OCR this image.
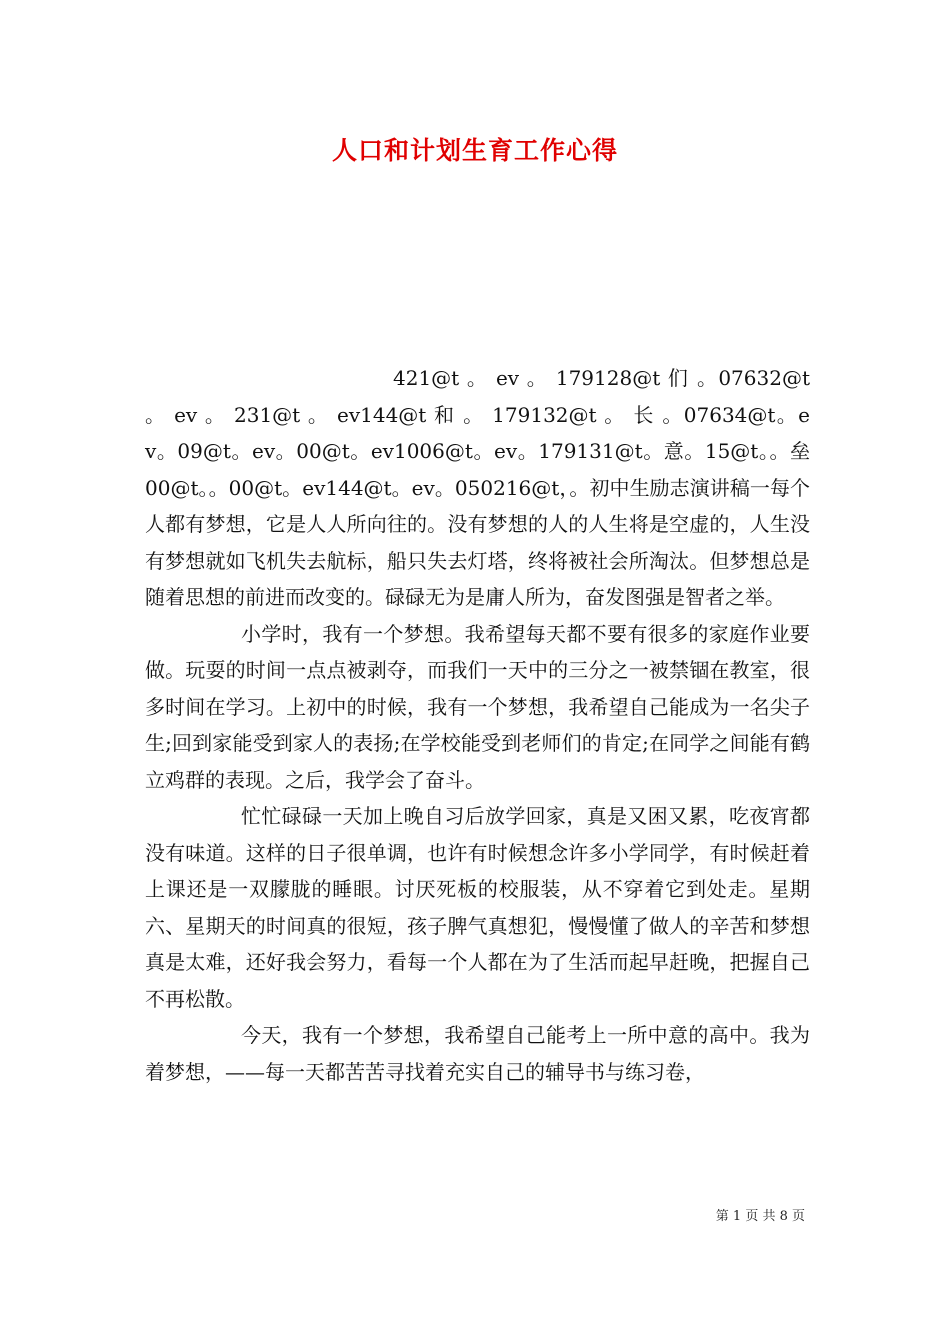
人口和计划生育工作心得

421@t 。 ev 。 179128@t 们 。07632@t 。 ev 。 231@t 。 ev144@t 和 。 179132@t 。 长 。07634@t。ev。09@t。ev。00@t。ev1006@t。ev。179131@t。意。15@t。。垒00@t。。00@t。ev144@t。ev。050216@t，。初中生励志演讲稿一每个人都有梦想，它是人人所向往的。没有梦想的人的人生将是空虚的，人生没有梦想就如飞机失去航标，船只失去灯塔，终将被社会所淘汰。但梦想总是随着思想的前进而改变的。碌碌无为是庸人所为，奋发图强是智者之举。

小学时，我有一个梦想。我希望每天都不要有很多的家庭作业要做。玩耍的时间一点点被剥夺，而我们一天中的三分之一被禁锢在教室，很多时间在学习。上初中的时候，我有一个梦想，我希望自己能成为一名尖子生;回到家能受到家人的表扬;在学校能受到老师们的肯定;在同学之间能有鹤立鸡群的表现。之后，我学会了奋斗。

忙忙碌碌一天加上晚自习后放学回家，真是又困又累，吃夜宵都没有味道。这样的日子很单调，也许有时候想念许多小学同学，有时候赶着上课还是一双朦胧的睡眼。讨厌死板的校服装，从不穿着它到处走。星期六、星期天的时间真的很短，孩子脾气真想犯，慢慢懂了做人的辛苦和梦想真是太难，还好我会努力，看每一个人都在为了生活而起早赶晚，把握自己不再松散。

今天，我有一个梦想，我希望自己能考上一所中意的高中。我为着梦想，——每一天都苦苦寻找着充实自己的辅导书与练习卷，

第 1 页 共 8 页
